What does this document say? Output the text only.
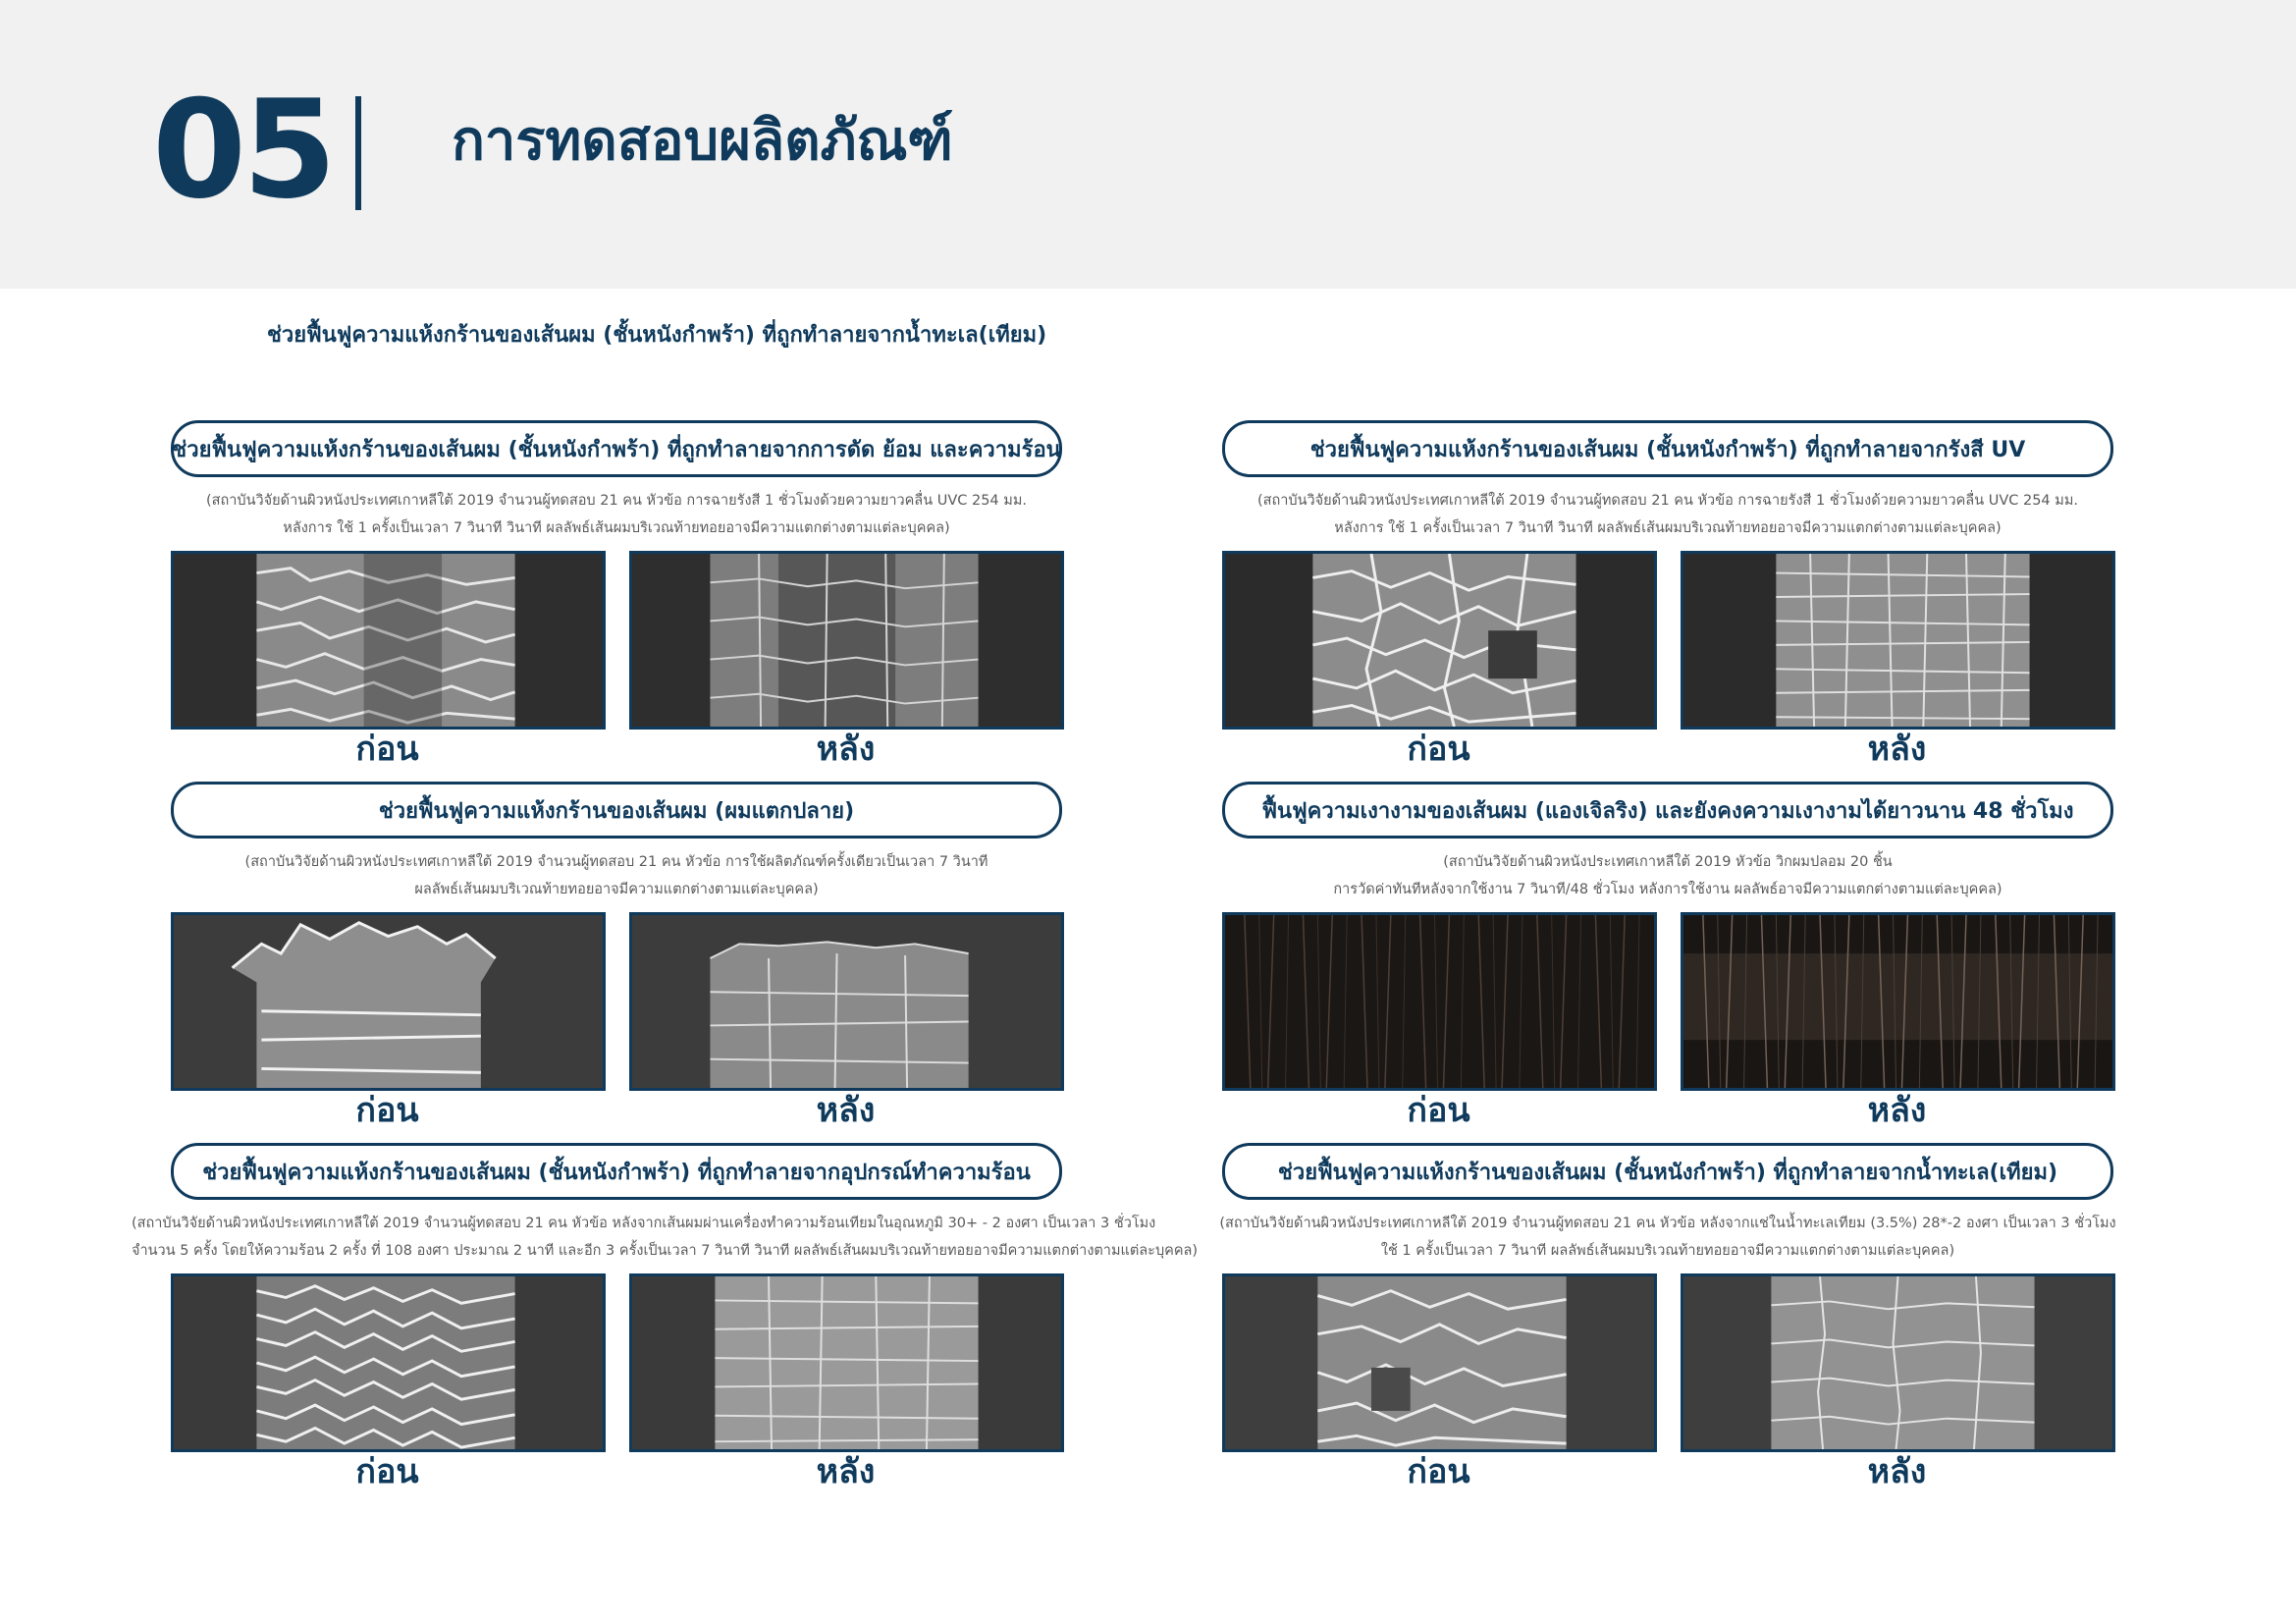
05 การทดสอบผลิตภัณฑ์
ช่วยฟื้นฟูความแห้งกร้านของเส้นผม (ชั้นหนังกำพร้า) ที่ถูกทำลายจากน้ำทะเล(เทียม)
ช่วยฟื้นฟูความแห้งกร้านของเส้นผม (ชั้นหนังกำพร้า) ที่ถูกทำลายจากการดัด ย้อม และความร้อน
(สถาบันวิจัยด้านผิวหนังประเทศเกาหลีใต้ 2019 จำนวนผู้ทดสอบ 21 คน หัวข้อ การฉายรังสี 1 ชั่วโมงด้วยความยาวคลื่น UVC 254 มม.
หลังการ ใช้ 1 ครั้งเป็นเวลา 7 วินาที วินาที ผลลัพธ์เส้นผมบริเวณท้ายทอยอาจมีความแตกต่างตามแต่ละบุคคล)
ก่อน	หลัง
ช่วยฟื้นฟูความแห้งกร้านของเส้นผม (ชั้นหนังกำพร้า) ที่ถูกทำลายจากรังสี UV
(สถาบันวิจัยด้านผิวหนังประเทศเกาหลีใต้ 2019 จำนวนผู้ทดสอบ 21 คน หัวข้อ การฉายรังสี 1 ชั่วโมงด้วยความยาวคลื่น UVC 254 มม.
หลังการ ใช้ 1 ครั้งเป็นเวลา 7 วินาที วินาที ผลลัพธ์เส้นผมบริเวณท้ายทอยอาจมีความแตกต่างตามแต่ละบุคคล)
ก่อน	หลัง
ช่วยฟื้นฟูความแห้งกร้านของเส้นผม (ผมแตกปลาย)
(สถาบันวิจัยด้านผิวหนังประเทศเกาหลีใต้ 2019 จำนวนผู้ทดสอบ 21 คน หัวข้อ การใช้ผลิตภัณฑ์ครั้งเดียวเป็นเวลา 7 วินาที
ผลลัพธ์เส้นผมบริเวณท้ายทอยอาจมีความแตกต่างตามแต่ละบุคคล)
ก่อน	หลัง
ฟื้นฟูความเงางามของเส้นผม (แองเจิลริง) และยังคงความเงางามได้ยาวนาน 48 ชั่วโมง
(สถาบันวิจัยด้านผิวหนังประเทศเกาหลีใต้ 2019 หัวข้อ วิกผมปลอม 20 ชิ้น
การวัดค่าทันทีหลังจากใช้งาน 7 วินาที/48 ชั่วโมง หลังการใช้งาน ผลลัพธ์อาจมีความแตกต่างตามแต่ละบุคคล)
ก่อน	หลัง
ช่วยฟื้นฟูความแห้งกร้านของเส้นผม (ชั้นหนังกำพร้า) ที่ถูกทำลายจากอุปกรณ์ทำความร้อน
(สถาบันวิจัยด้านผิวหนังประเทศเกาหลีใต้ 2019 จำนวนผู้ทดสอบ 21 คน หัวข้อ หลังจากเส้นผมผ่านเครื่องทำความร้อนเทียมในอุณหภูมิ 30+ - 2 องศา เป็นเวลา 3 ชั่วโมง
จำนวน 5 ครั้ง โดยให้ความร้อน 2 ครั้ง ที่ 108 องศา ประมาณ 2 นาที และอีก 3 ครั้งเป็นเวลา 7 วินาที วินาที ผลลัพธ์เส้นผมบริเวณท้ายทอยอาจมีความแตกต่างตามแต่ละบุคคล)
ก่อน	หลัง
ช่วยฟื้นฟูความแห้งกร้านของเส้นผม (ชั้นหนังกำพร้า) ที่ถูกทำลายจากน้ำทะเล(เทียม)
(สถาบันวิจัยด้านผิวหนังประเทศเกาหลีใต้ 2019 จำนวนผู้ทดสอบ 21 คน หัวข้อ หลังจากแช่ในน้ำทะเลเทียม (3.5%) 28*-2 องศา เป็นเวลา 3 ชั่วโมง
ใช้ 1 ครั้งเป็นเวลา 7 วินาที ผลลัพธ์เส้นผมบริเวณท้ายทอยอาจมีความแตกต่างตามแต่ละบุคคล)
ก่อน	หลัง
